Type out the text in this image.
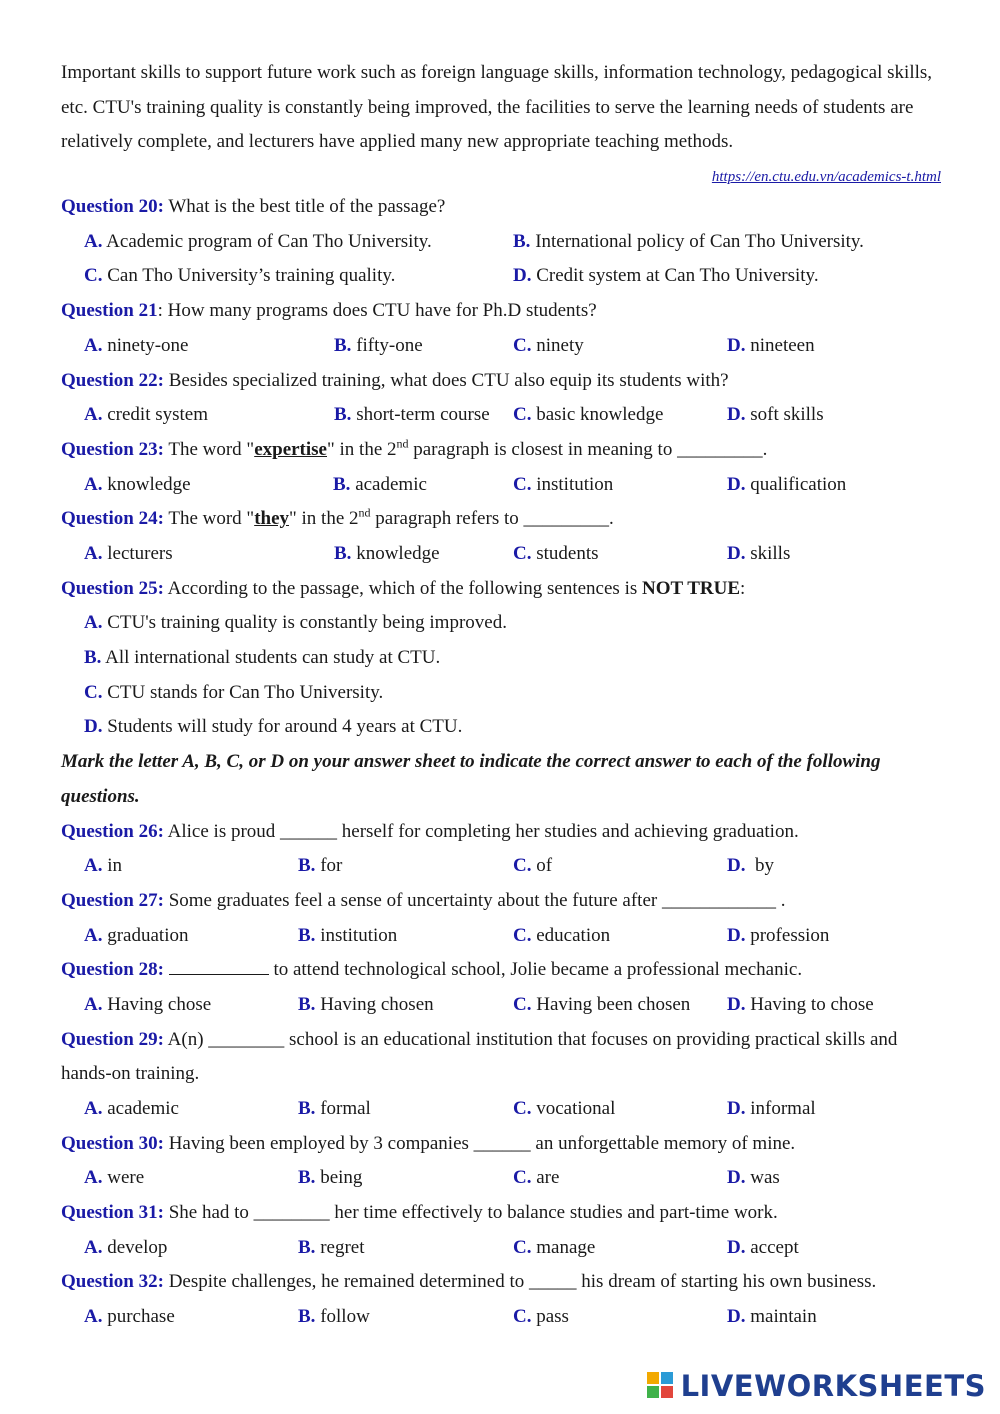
Important skills to support future work such as foreign language skills, information technology, pedagogical skills, etc. CTU's training quality is constantly being improved, the facilities to serve the learning needs of students are relatively complete, and lecturers have applied many new appropriate teaching methods.

https://en.ctu.edu.vn/academics-t.html
Question 20: What is the best title of the passage?
A. Academic program of Can Tho University.	B. International policy of Can Tho University.
C. Can Tho University’s training quality.	D. Credit system at Can Tho University.
Question 21: How many programs does CTU have for Ph.D students?
A. ninety-one	B. fifty-one	C. ninety	D. nineteen
Question 22: Besides specialized training, what does CTU also equip its students with?
A. credit system	B. short-term course C. basic knowledge	D. soft skills
Question 23: The word "expertise" in the 2nd paragraph is closest in meaning to _________.
A. knowledge	B. academic	C. institution	D. qualification
Question 24: The word "they" in the 2nd paragraph refers to _________.
A. lecturers	B. knowledge	C. students	D. skills
Question 25: According to the passage, which of the following sentences is NOT TRUE:
A. CTU's training quality is constantly being improved.
B. All international students can study at CTU.
C. CTU stands for Can Tho University.
D. Students will study for around 4 years at CTU.
Mark the letter A, B, C, or D on your answer sheet to indicate the correct answer to each of the following questions.
Question 26: Alice is proud ______ herself for completing her studies and achieving graduation.
A. in	B. for	C. of	D.  by
Question 27: Some graduates feel a sense of uncertainty about the future after ____________ .
A. graduation	B. institution	C. education	D. profession
Question 28:	to attend technological school, Jolie became a professional mechanic.
A. Having chose	B. Having chosen	C. Having been chosen D. Having to chose
Question 29: A(n) ________ school is an educational institution that focuses on providing practical skills and hands-on training.
A. academic	B. formal	C. vocational	D. informal
Question 30: Having been employed by 3 companies ______ an unforgettable memory of mine.
A. were	B. being	C. are	D. was
Question 31: She had to ________ her time effectively to balance studies and part-time work.
A. develop	B. regret	C. manage	D. accept
Question 32: Despite challenges, he remained determined to _____ his dream of starting his own business.
A. purchase	B. follow	C. pass	D. maintain
LIVEWORKSHEETS
